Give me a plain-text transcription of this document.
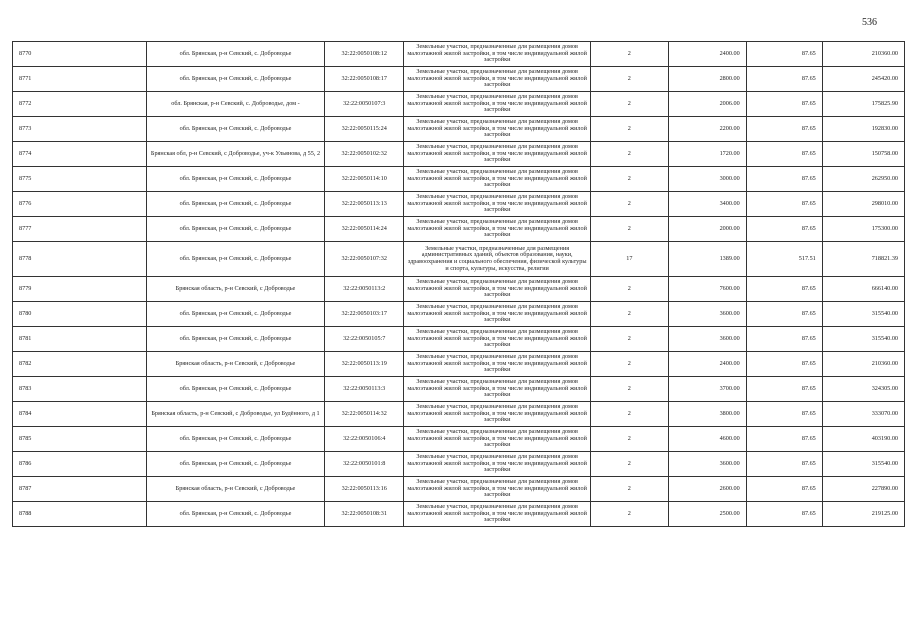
536
8770	обл. Брянская, р-н Севский, с. Доброводье	32:22:0050108:12	Земельные участки, предназначенные для размещения домов малоэтажной жилой застройки, в том числе индивидуальной жилой застройки	2	2400.00	87.65	210360.00
8771	обл. Брянская, р-н Севский, с. Доброводье	32:22:0050108:17	Земельные участки, предназначенные для размещения домов малоэтажной жилой застройки, в том числе индивидуальной жилой застройки	2	2800.00	87.65	245420.00
8772	обл. Брянская, р-н Севский, с. Доброводье, дом -	32:22:0050107:3	Земельные участки, предназначенные для размещения домов малоэтажной жилой застройки, в том числе индивидуальной жилой застройки	2	2006.00	87.65	175825.90
8773	обл. Брянская, р-н Севский, с. Доброводье	32:22:0050115:24	Земельные участки, предназначенные для размещения домов малоэтажной жилой застройки, в том числе индивидуальной жилой застройки	2	2200.00	87.65	192830.00
8774	Брянская обл, р-н Севский, с Доброводье, уч-к Ульянова, д 55, 2	32:22:0050102:32	Земельные участки, предназначенные для размещения домов малоэтажной жилой застройки, в том числе индивидуальной жилой застройки	2	1720.00	87.65	150758.00
8775	обл. Брянская, р-н Севский, с. Доброводье	32:22:0050114:10	Земельные участки, предназначенные для размещения домов малоэтажной жилой застройки, в том числе индивидуальной жилой застройки	2	3000.00	87.65	262950.00
8776	обл. Брянская, р-н Севский, с. Доброводье	32:22:0050113:13	Земельные участки, предназначенные для размещения домов малоэтажной жилой застройки, в том числе индивидуальной жилой застройки	2	3400.00	87.65	298010.00
8777	обл. Брянская, р-н Севский, с. Доброводье	32:22:0050114:24	Земельные участки, предназначенные для размещения домов малоэтажной жилой застройки, в том числе индивидуальной жилой застройки	2	2000.00	87.65	175300.00
8778	обл. Брянская, р-н Севский, с. Доброводье	32:22:0050107:32	Земельные участки, предназначенные для размещения административных зданий, объектов образования, науки, здравоохранения и социального обеспечения, физической культуры и спорта, культуры, искусства, религии	17	1389.00	517.51	718821.39
8779	Брянская область, р-н Севский, с Доброводье	32:22:0050113:2	Земельные участки, предназначенные для размещения домов малоэтажной жилой застройки, в том числе индивидуальной жилой застройки	2	7600.00	87.65	666140.00
8780	обл. Брянская, р-н Севский, с. Доброводье	32:22:0050103:17	Земельные участки, предназначенные для размещения домов малоэтажной жилой застройки, в том числе индивидуальной жилой застройки	2	3600.00	87.65	315540.00
8781	обл. Брянская, р-н Севский, с. Доброводье	32:22:0050105:7	Земельные участки, предназначенные для размещения домов малоэтажной жилой застройки, в том числе индивидуальной жилой застройки	2	3600.00	87.65	315540.00
8782	Брянская область, р-н Севский, с Доброводье	32:22:0050113:19	Земельные участки, предназначенные для размещения домов малоэтажной жилой застройки, в том числе индивидуальной жилой застройки	2	2400.00	87.65	210360.00
8783	обл. Брянская, р-н Севский, с. Доброводье	32:22:0050113:3	Земельные участки, предназначенные для размещения домов малоэтажной жилой застройки, в том числе индивидуальной жилой застройки	2	3700.00	87.65	324305.00
8784	Брянская область, р-н Севский, с Доброводье, ул Будённого, д 1	32:22:0050114:32	Земельные участки, предназначенные для размещения домов малоэтажной жилой застройки, в том числе индивидуальной жилой застройки	2	3800.00	87.65	333070.00
8785	обл. Брянская, р-н Севский, с. Доброводье	32:22:0050106:4	Земельные участки, предназначенные для размещения домов малоэтажной жилой застройки, в том числе индивидуальной жилой застройки	2	4600.00	87.65	403190.00
8786	обл. Брянская, р-н Севский, с. Доброводье	32:22:0050101:8	Земельные участки, предназначенные для размещения домов малоэтажной жилой застройки, в том числе индивидуальной жилой застройки	2	3600.00	87.65	315540.00
8787	Брянская область, р-н Севский, с Доброводье	32:22:0050113:16	Земельные участки, предназначенные для размещения домов малоэтажной жилой застройки, в том числе индивидуальной жилой застройки	2	2600.00	87.65	227890.00
8788	обл. Брянская, р-н Севский, с. Доброводье	32:22:0050108:31	Земельные участки, предназначенные для размещения домов малоэтажной жилой застройки, в том числе индивидуальной жилой застройки	2	2500.00	87.65	219125.00
